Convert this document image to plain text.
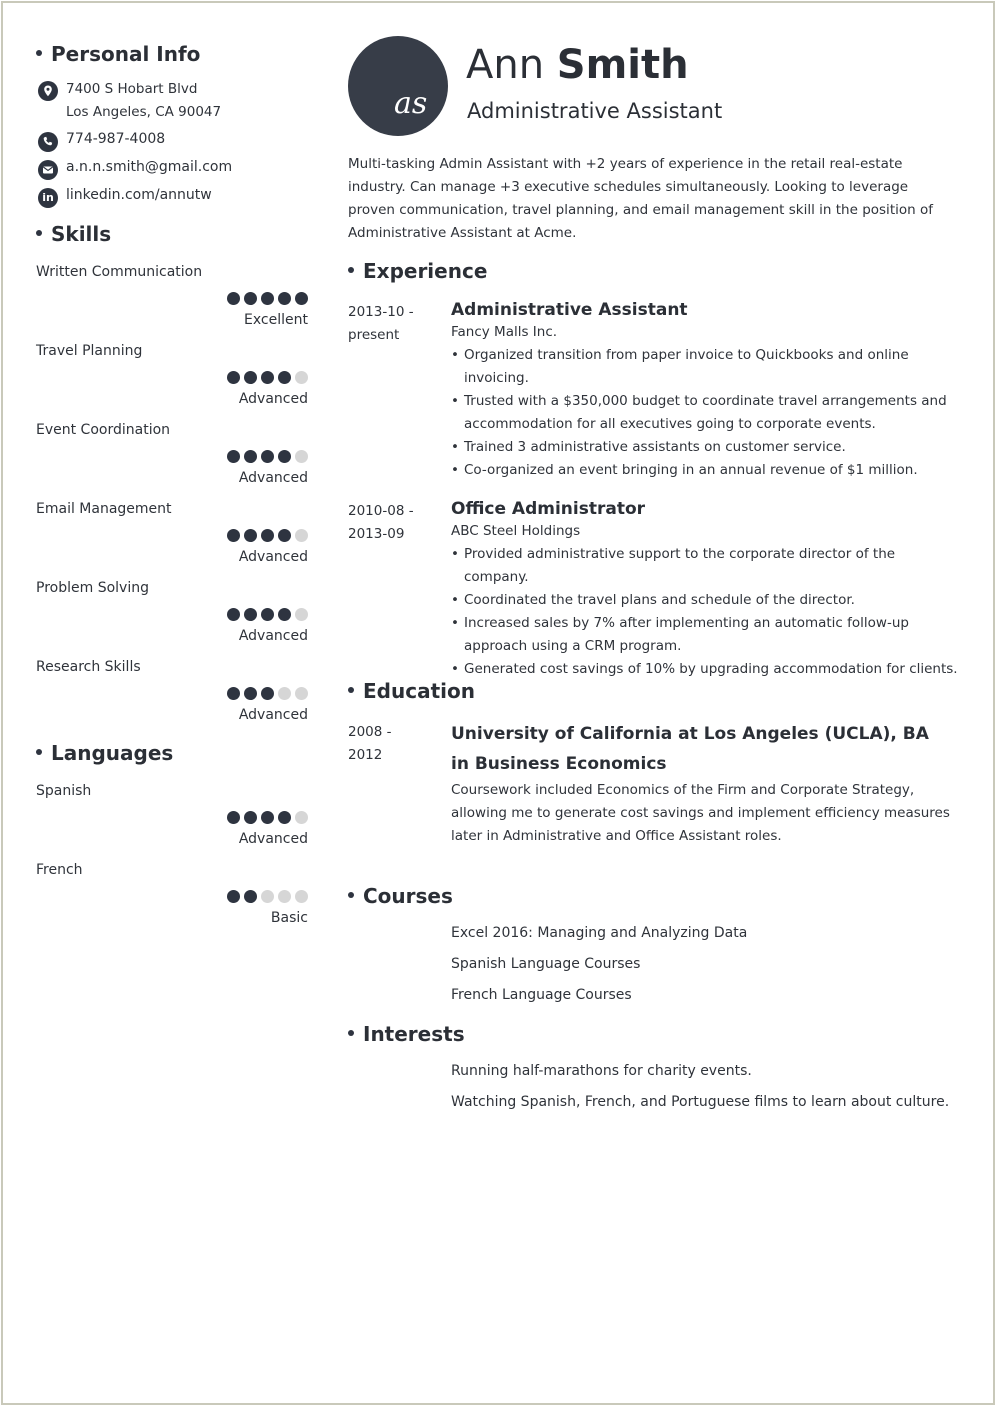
Personal Info
7400 S Hobart Blvd
Los Angeles, CA 90047
774-987-4008
a.n.n.smith@gmail.com
in linkedin.com/annutw
Skills
Written Communication
Excellent
Travel Planning
Advanced
Event Coordination
Advanced
Email Management
Advanced
Problem Solving
Advanced
Research Skills
Advanced
Languages
Spanish
Advanced
French
Basic
as
Ann Smith
Administrative Assistant
Multi-tasking Admin Assistant with +2 years of experience in the retail real-estate industry. Can manage +3 executive schedules simultaneously. Looking to leverage proven communication, travel planning, and email management skill in the position of Administrative Assistant at Acme.
Experience
2013-10 -
present
Administrative Assistant
Fancy Malls Inc.
• Organized transition from paper invoice to Quickbooks and online invoicing.
• Trusted with a $350,000 budget to coordinate travel arrangements and accommodation for all executives going to corporate events.
• Trained 3 administrative assistants on customer service.
• Co-organized an event bringing in an annual revenue of $1 million.
2010-08 -
2013-09
Office Administrator
ABC Steel Holdings
• Provided administrative support to the corporate director of the company.
• Coordinated the travel plans and schedule of the director.
• Increased sales by 7% after implementing an automatic follow-up approach using a CRM program.
• Generated cost savings of 10% by upgrading accommodation for clients.
Education
2008 -
2012
University of California at Los Angeles (UCLA), BA in Business Economics
Coursework included Economics of the Firm and Corporate Strategy, allowing me to generate cost savings and implement efficiency measures later in Administrative and Office Assistant roles.
Courses
Excel 2016: Managing and Analyzing Data
Spanish Language Courses
French Language Courses
Interests
Running half-marathons for charity events.
Watching Spanish, French, and Portuguese films to learn about culture.
